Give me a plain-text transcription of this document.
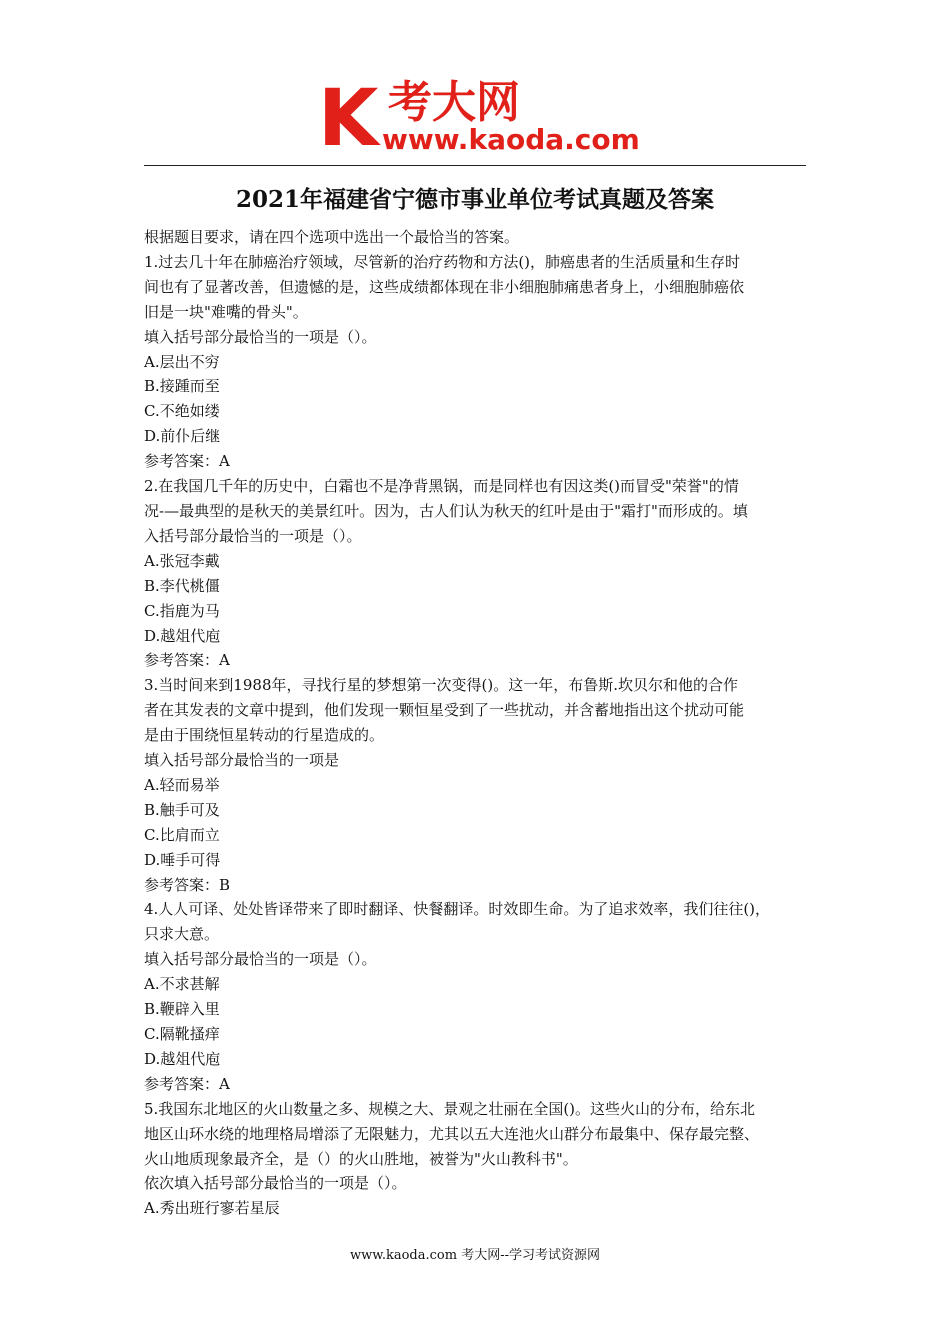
K 考大网
www.kaoda.com
2021年福建省宁德市事业单位考试真题及答案

根据题目要求，请在四个选项中选出一个最恰当的答案。

1.过去几十年在肺癌治疗领域，尽管新的治疗药物和方法()，肺癌患者的生活质量和生存时

间也有了显著改善，但遗憾的是，这些成绩都体现在非小细胞肺痛患者身上，小细胞肺癌依

旧是一块"难嘴的骨头"。

填入括号部分最恰当的一项是（）。

A.层出不穷

B.接踵而至

C.不绝如缕

D.前仆后继

参考答案：A

2.在我国几千年的历史中，白霜也不是净背黑锅，而是同样也有因这类()而冒受"荣誉"的情

况-—最典型的是秋天的美景红叶。因为，古人们认为秋天的红叶是由于"霜打"而形成的。填

入括号部分最恰当的一项是（）。

A.张冠李戴

B.李代桃僵

C.指鹿为马

D.越俎代庖

参考答案：A

3.当时间来到1988年，寻找行星的梦想第一次变得()。这一年，布鲁斯.坎贝尔和他的合作

者在其发表的文章中提到，他们发现一颗恒星受到了一些扰动，并含蓄地指出这个扰动可能

是由于围绕恒星转动的行星造成的。

填入括号部分最恰当的一项是

A.轻而易举

B.触手可及

C.比肩而立

D.唾手可得

参考答案：B

4.人人可译、处处皆译带来了即时翻译、快餐翻译。时效即生命。为了追求效率，我们往往()，

只求大意。

填入括号部分最恰当的一项是（）。

A.不求甚解

B.鞭辟入里

C.隔靴搔痒

D.越俎代庖

参考答案：A

5.我国东北地区的火山数量之多、规模之大、景观之壮丽在全国()。这些火山的分布，给东北

地区山环水绕的地理格局增添了无限魅力，尤其以五大连池火山群分布最集中、保存最完整、

火山地质现象最齐全，是（）的火山胜地，被誉为"火山教科书"。

依次填入括号部分最恰当的一项是（）。

A.秀出班行寥若星辰

www.kaoda.com 考大网--学习考试资源网
